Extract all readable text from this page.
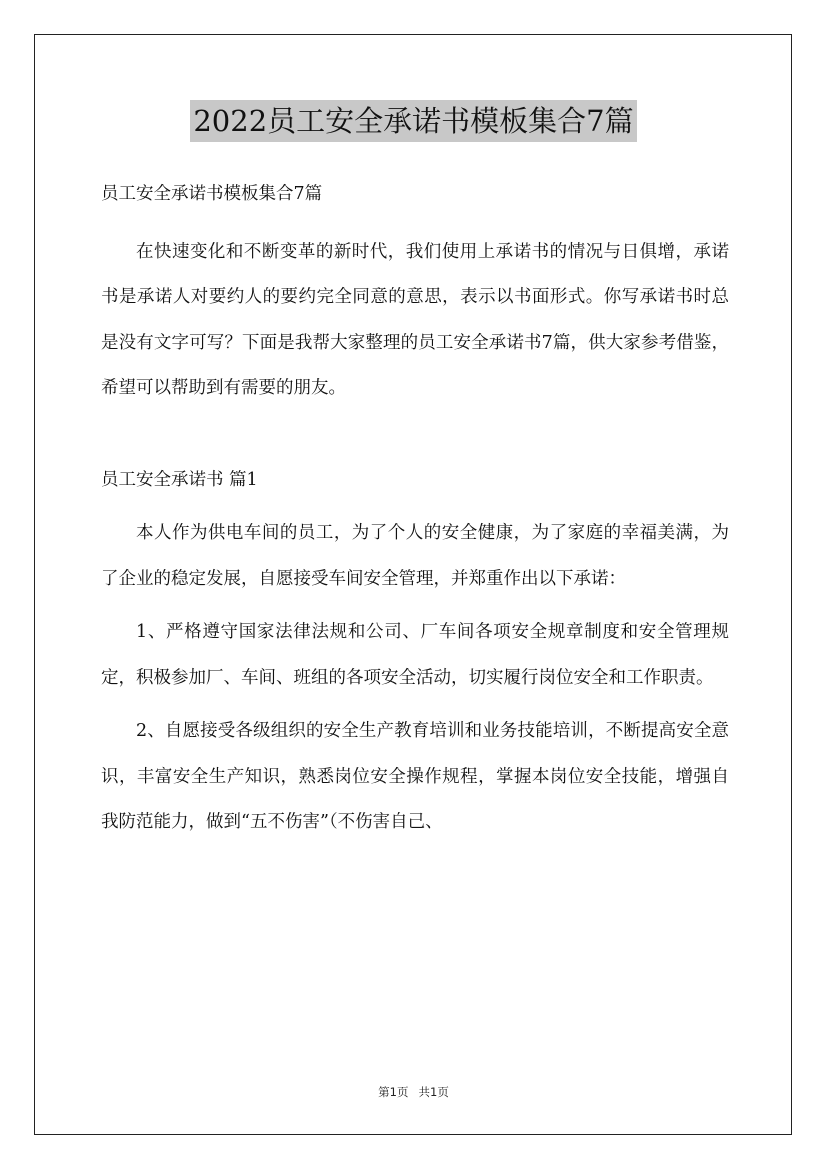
2022员工安全承诺书模板集合7篇

员工安全承诺书模板集合7篇

在快速变化和不断变革的新时代，我们使用上承诺书的情况与日俱增，承诺书是承诺人对要约人的要约完全同意的意思，表示以书面形式。你写承诺书时总是没有文字可写？下面是我帮大家整理的员工安全承诺书7篇，供大家参考借鉴，希望可以帮助到有需要的朋友。

员工安全承诺书 篇1

本人作为供电车间的员工，为了个人的安全健康，为了家庭的幸福美满，为了企业的稳定发展，自愿接受车间安全管理，并郑重作出以下承诺：

1、严格遵守国家法律法规和公司、厂车间各项安全规章制度和安全管理规定，积极参加厂、车间、班组的各项安全活动，切实履行岗位安全和工作职责。

2、自愿接受各级组织的安全生产教育培训和业务技能培训，不断提高安全意识，丰富安全生产知识，熟悉岗位安全操作规程，掌握本岗位安全技能，增强自我防范能力，做到“五不伤害”（不伤害自己、

第1页 共1页
